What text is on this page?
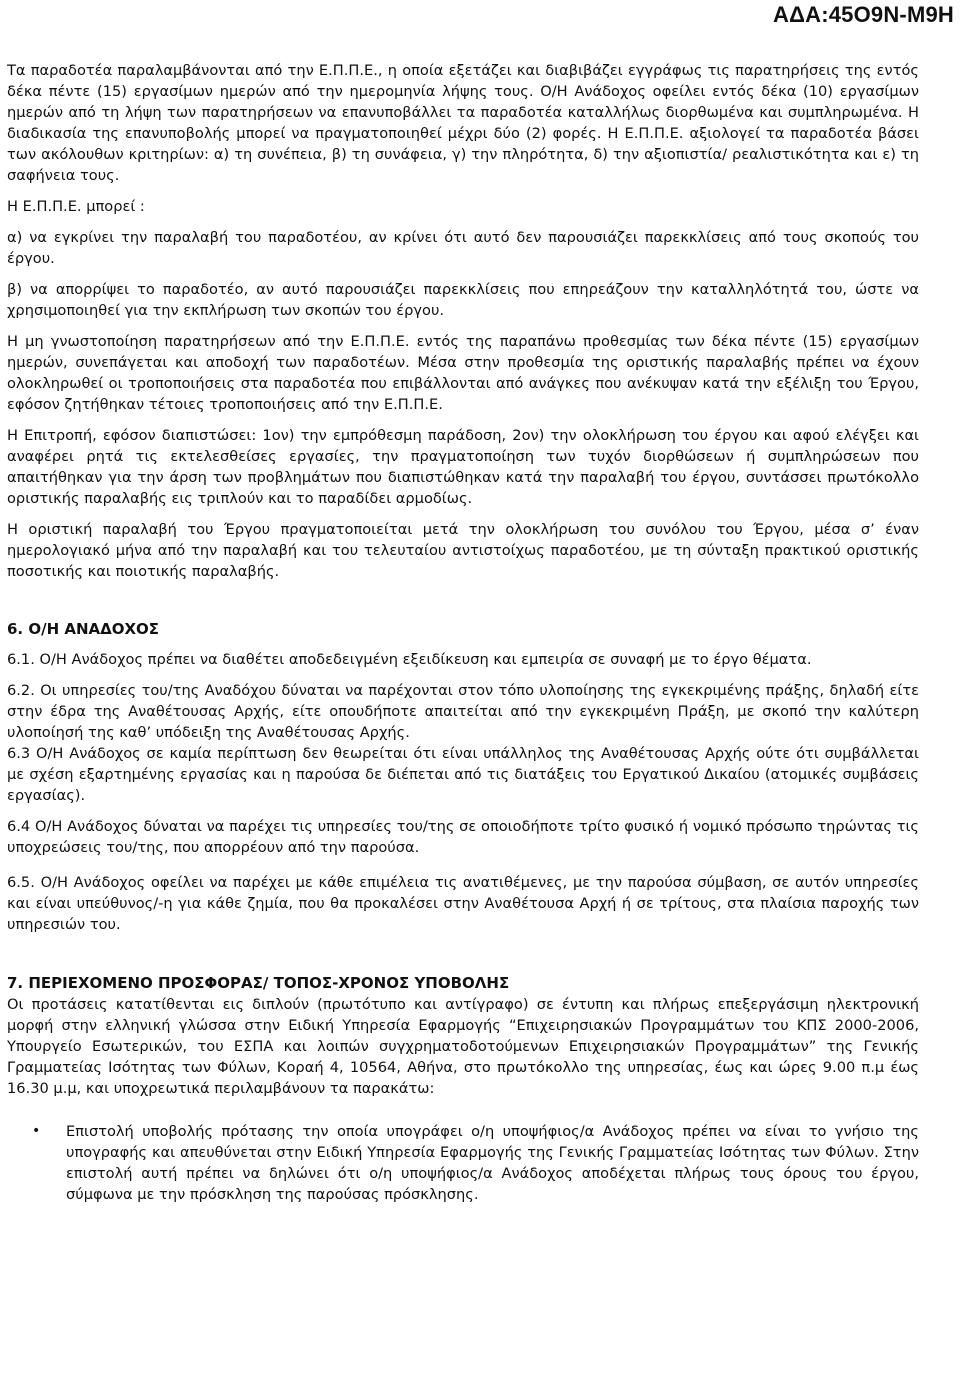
ΑΔΑ:45Ο9Ν-Μ9Η

Τα παραδοτέα παραλαμβάνονται από την Ε.Π.Π.Ε., η οποία εξετάζει και διαβιβάζει εγγράφως τις παρατηρήσεις της εντός δέκα πέντε (15) εργασίμων ημερών από την ημερομηνία λήψης τους. Ο/Η Ανάδοχος οφείλει εντός δέκα (10) εργασίμων ημερών από τη λήψη των παρατηρήσεων να επανυποβάλλει τα παραδοτέα καταλλήλως διορθωμένα και συμπληρωμένα. Η διαδικασία της επανυποβολής μπορεί να πραγματοποιηθεί μέχρι δύο (2) φορές. Η Ε.Π.Π.Ε. αξιολογεί τα παραδοτέα βάσει των ακόλουθων κριτηρίων: α) τη συνέπεια, β) τη συνάφεια, γ) την πληρότητα, δ) την αξιοπιστία/ ρεαλιστικότητα και ε) τη σαφήνεια τους.

Η Ε.Π.Π.Ε. μπορεί :

α) να εγκρίνει την παραλαβή του παραδοτέου, αν κρίνει ότι αυτό δεν παρουσιάζει παρεκκλίσεις από τους σκοπούς του έργου.

β) να απορρίψει το παραδοτέο, αν αυτό παρουσιάζει παρεκκλίσεις που επηρεάζουν την καταλληλότητά του, ώστε να χρησιμοποιηθεί για την εκπλήρωση των σκοπών του έργου.

Η μη γνωστοποίηση παρατηρήσεων από την Ε.Π.Π.Ε. εντός της παραπάνω προθεσμίας των δέκα πέντε (15) εργασίμων ημερών, συνεπάγεται και αποδοχή των παραδοτέων. Μέσα στην προθεσμία της οριστικής παραλαβής πρέπει να έχουν ολοκληρωθεί οι τροποποιήσεις στα παραδοτέα που επιβάλλονται από ανάγκες που ανέκυψαν κατά την εξέλιξη του Έργου, εφόσον ζητήθηκαν τέτοιες τροποποιήσεις από την Ε.Π.Π.Ε.

Η Επιτροπή, εφόσον διαπιστώσει: 1ον) την εμπρόθεσμη παράδοση, 2ον) την ολοκλήρωση του έργου και αφού ελέγξει και αναφέρει ρητά τις εκτελεσθείσες εργασίες, την πραγματοποίηση των τυχόν διορθώσεων ή συμπληρώσεων που απαιτήθηκαν για την άρση των προβλημάτων που διαπιστώθηκαν κατά την παραλαβή του έργου, συντάσσει πρωτόκολλο οριστικής παραλαβής εις τριπλούν και το παραδίδει αρμοδίως.

Η οριστική παραλαβή του Έργου πραγματοποιείται μετά την ολοκλήρωση του συνόλου του Έργου, μέσα σ’ έναν ημερολογιακό μήνα από την παραλαβή και του τελευταίου αντιστοίχως παραδοτέου, με τη σύνταξη πρακτικού οριστικής ποσοτικής και ποιοτικής παραλαβής.

6. Ο/Η ΑΝΑΔΟΧΟΣ

6.1. Ο/Η Ανάδοχος πρέπει να διαθέτει αποδεδειγμένη εξειδίκευση και εμπειρία σε συναφή με το έργο θέματα.

6.2. Οι υπηρεσίες του/της Αναδόχου δύναται να παρέχονται στον τόπο υλοποίησης της εγκεκριμένης πράξης, δηλαδή είτε στην έδρα της Αναθέτουσας Αρχής, είτε οπουδήποτε απαιτείται από την εγκεκριμένη Πράξη, με σκοπό την καλύτερη υλοποίησή της καθ’ υπόδειξη της Αναθέτουσας Αρχής.

6.3 Ο/Η Ανάδοχος σε καμία περίπτωση δεν θεωρείται ότι είναι υπάλληλος της Αναθέτουσας Αρχής ούτε ότι συμβάλλεται με σχέση εξαρτημένης εργασίας και η παρούσα δε διέπεται από τις διατάξεις του Εργατικού Δικαίου (ατομικές συμβάσεις εργασίας).

6.4 Ο/Η Ανάδοχος δύναται να παρέχει τις υπηρεσίες του/της σε οποιοδήποτε τρίτο φυσικό ή νομικό πρόσωπο τηρώντας τις υποχρεώσεις του/της, που απορρέουν από την παρούσα.

6.5. Ο/Η Ανάδοχος οφείλει να παρέχει με κάθε επιμέλεια τις ανατιθέμενες, με την παρούσα σύμβαση, σε αυτόν υπηρεσίες και είναι υπεύθυνος/-η για κάθε ζημία, που θα προκαλέσει στην Αναθέτουσα Αρχή ή σε τρίτους, στα πλαίσια παροχής των υπηρεσιών του.

7. ΠΕΡΙΕΧΟΜΕΝΟ ΠΡΟΣΦΟΡΑΣ/ ΤΟΠΟΣ-ΧΡΟΝΟΣ ΥΠΟΒΟΛΗΣ

Οι προτάσεις κατατίθενται εις διπλούν (πρωτότυπο και αντίγραφο) σε έντυπη και πλήρως επεξεργάσιμη ηλεκτρονική μορφή στην ελληνική γλώσσα στην Ειδική Υπηρεσία Εφαρμογής “Επιχειρησιακών Προγραμμάτων του ΚΠΣ 2000-2006, Υπουργείο Εσωτερικών, του ΕΣΠΑ και λοιπών συγχρηματοδοτούμενων Επιχειρησιακών Προγραμμάτων” της Γενικής Γραμματείας Ισότητας των Φύλων, Κοραή 4, 10564, Αθήνα, στο πρωτόκολλο της υπηρεσίας, έως και ώρες 9.00 π.μ έως 16.30 μ.μ, και υποχρεωτικά περιλαμβάνουν τα παρακάτω:

• Επιστολή υποβολής πρότασης την οποία υπογράφει ο/η υποψήφιος/α Ανάδοχος πρέπει να είναι το γνήσιο της υπογραφής και απευθύνεται στην Ειδική Υπηρεσία Εφαρμογής της Γενικής Γραμματείας Ισότητας των Φύλων. Στην επιστολή αυτή πρέπει να δηλώνει ότι ο/η υποψήφιος/α Ανάδοχος αποδέχεται πλήρως τους όρους του έργου, σύμφωνα με την πρόσκληση της παρούσας πρόσκλησης.
